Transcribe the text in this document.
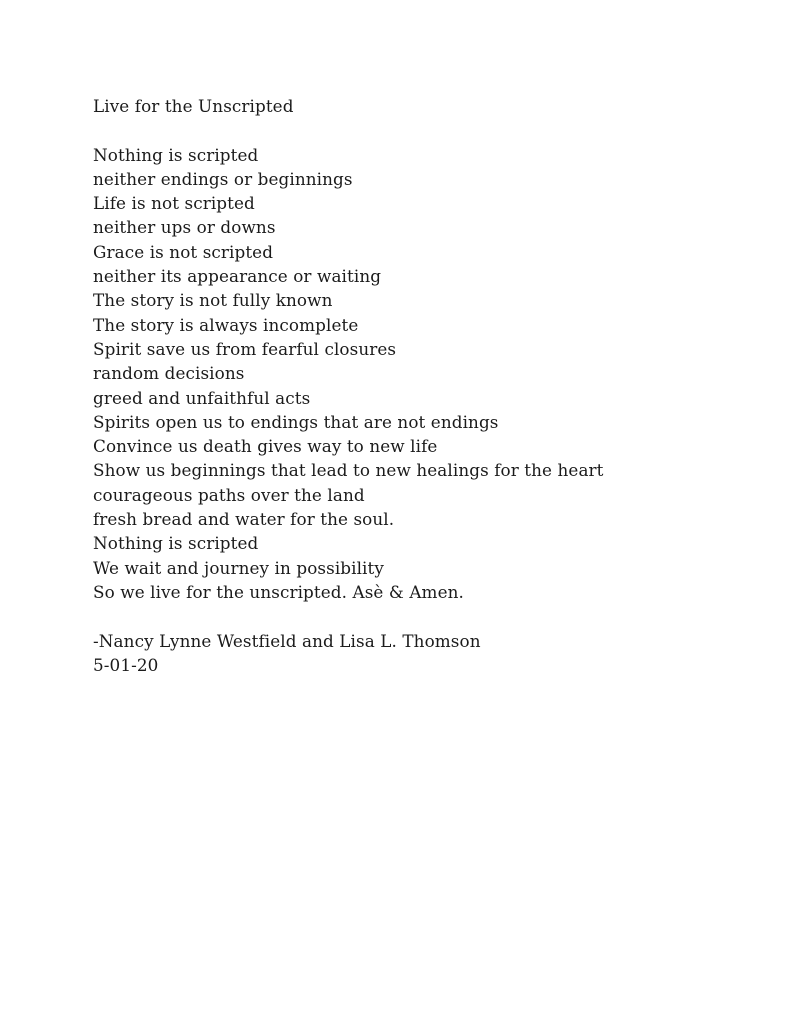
Live for the Unscripted
Nothing is scripted
neither endings or beginnings
Life is not scripted
neither ups or downs
Grace is not scripted
neither its appearance or waiting
The story is not fully known
The story is always incomplete
Spirit save us from fearful closures
random decisions
greed and unfaithful acts
Spirits open us to endings that are not endings
Convince us death gives way to new life
Show us beginnings that lead to new healings for the heart
courageous paths over the land
fresh bread and water for the soul.
Nothing is scripted
We wait and journey in possibility
So we live for the unscripted. Asè & Amen.
-Nancy Lynne Westfield and Lisa L. Thomson
5-01-20
